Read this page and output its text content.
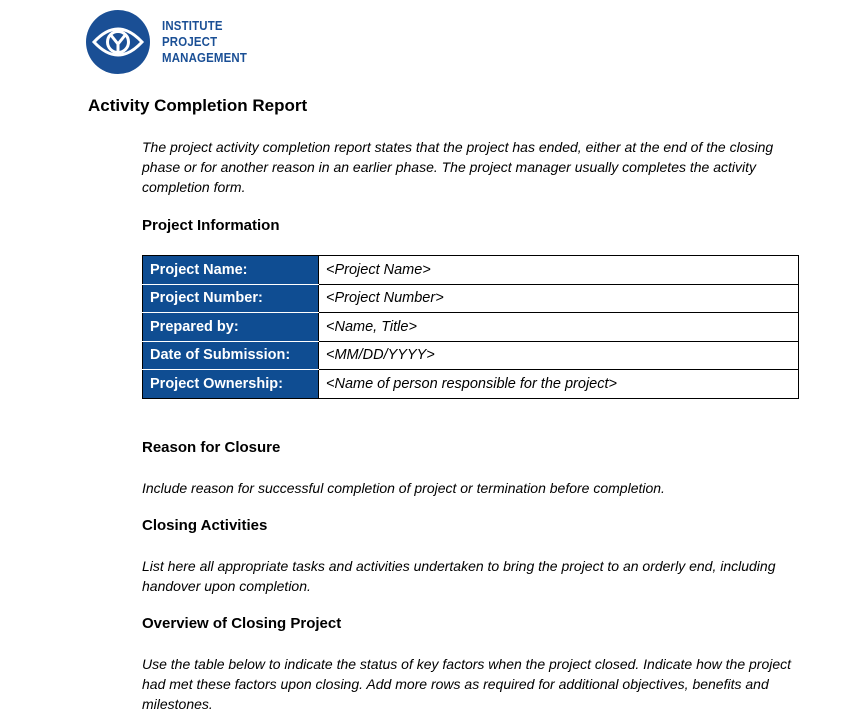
INSTITUTE
PROJECT
MANAGEMENT
Activity Completion Report
The project activity completion report states that the project has ended, either at the end of the closing phase or for another reason in an earlier phase. The project manager usually completes the activity completion form.
Project Information
Project Name:	<Project Name>
Project Number:	<Project Number>
Prepared by:	<Name, Title>
Date of Submission:	<MM/DD/YYYY>
Project Ownership:	<Name of person responsible for the project>
Reason for Closure
Include reason for successful completion of project or termination before completion.
Closing Activities
List here all appropriate tasks and activities undertaken to bring the project to an orderly end, including handover upon completion.
Overview of Closing Project
Use the table below to indicate the status of key factors when the project closed. Indicate how the project had met these factors upon closing. Add more rows as required for additional objectives, benefits and milestones.
